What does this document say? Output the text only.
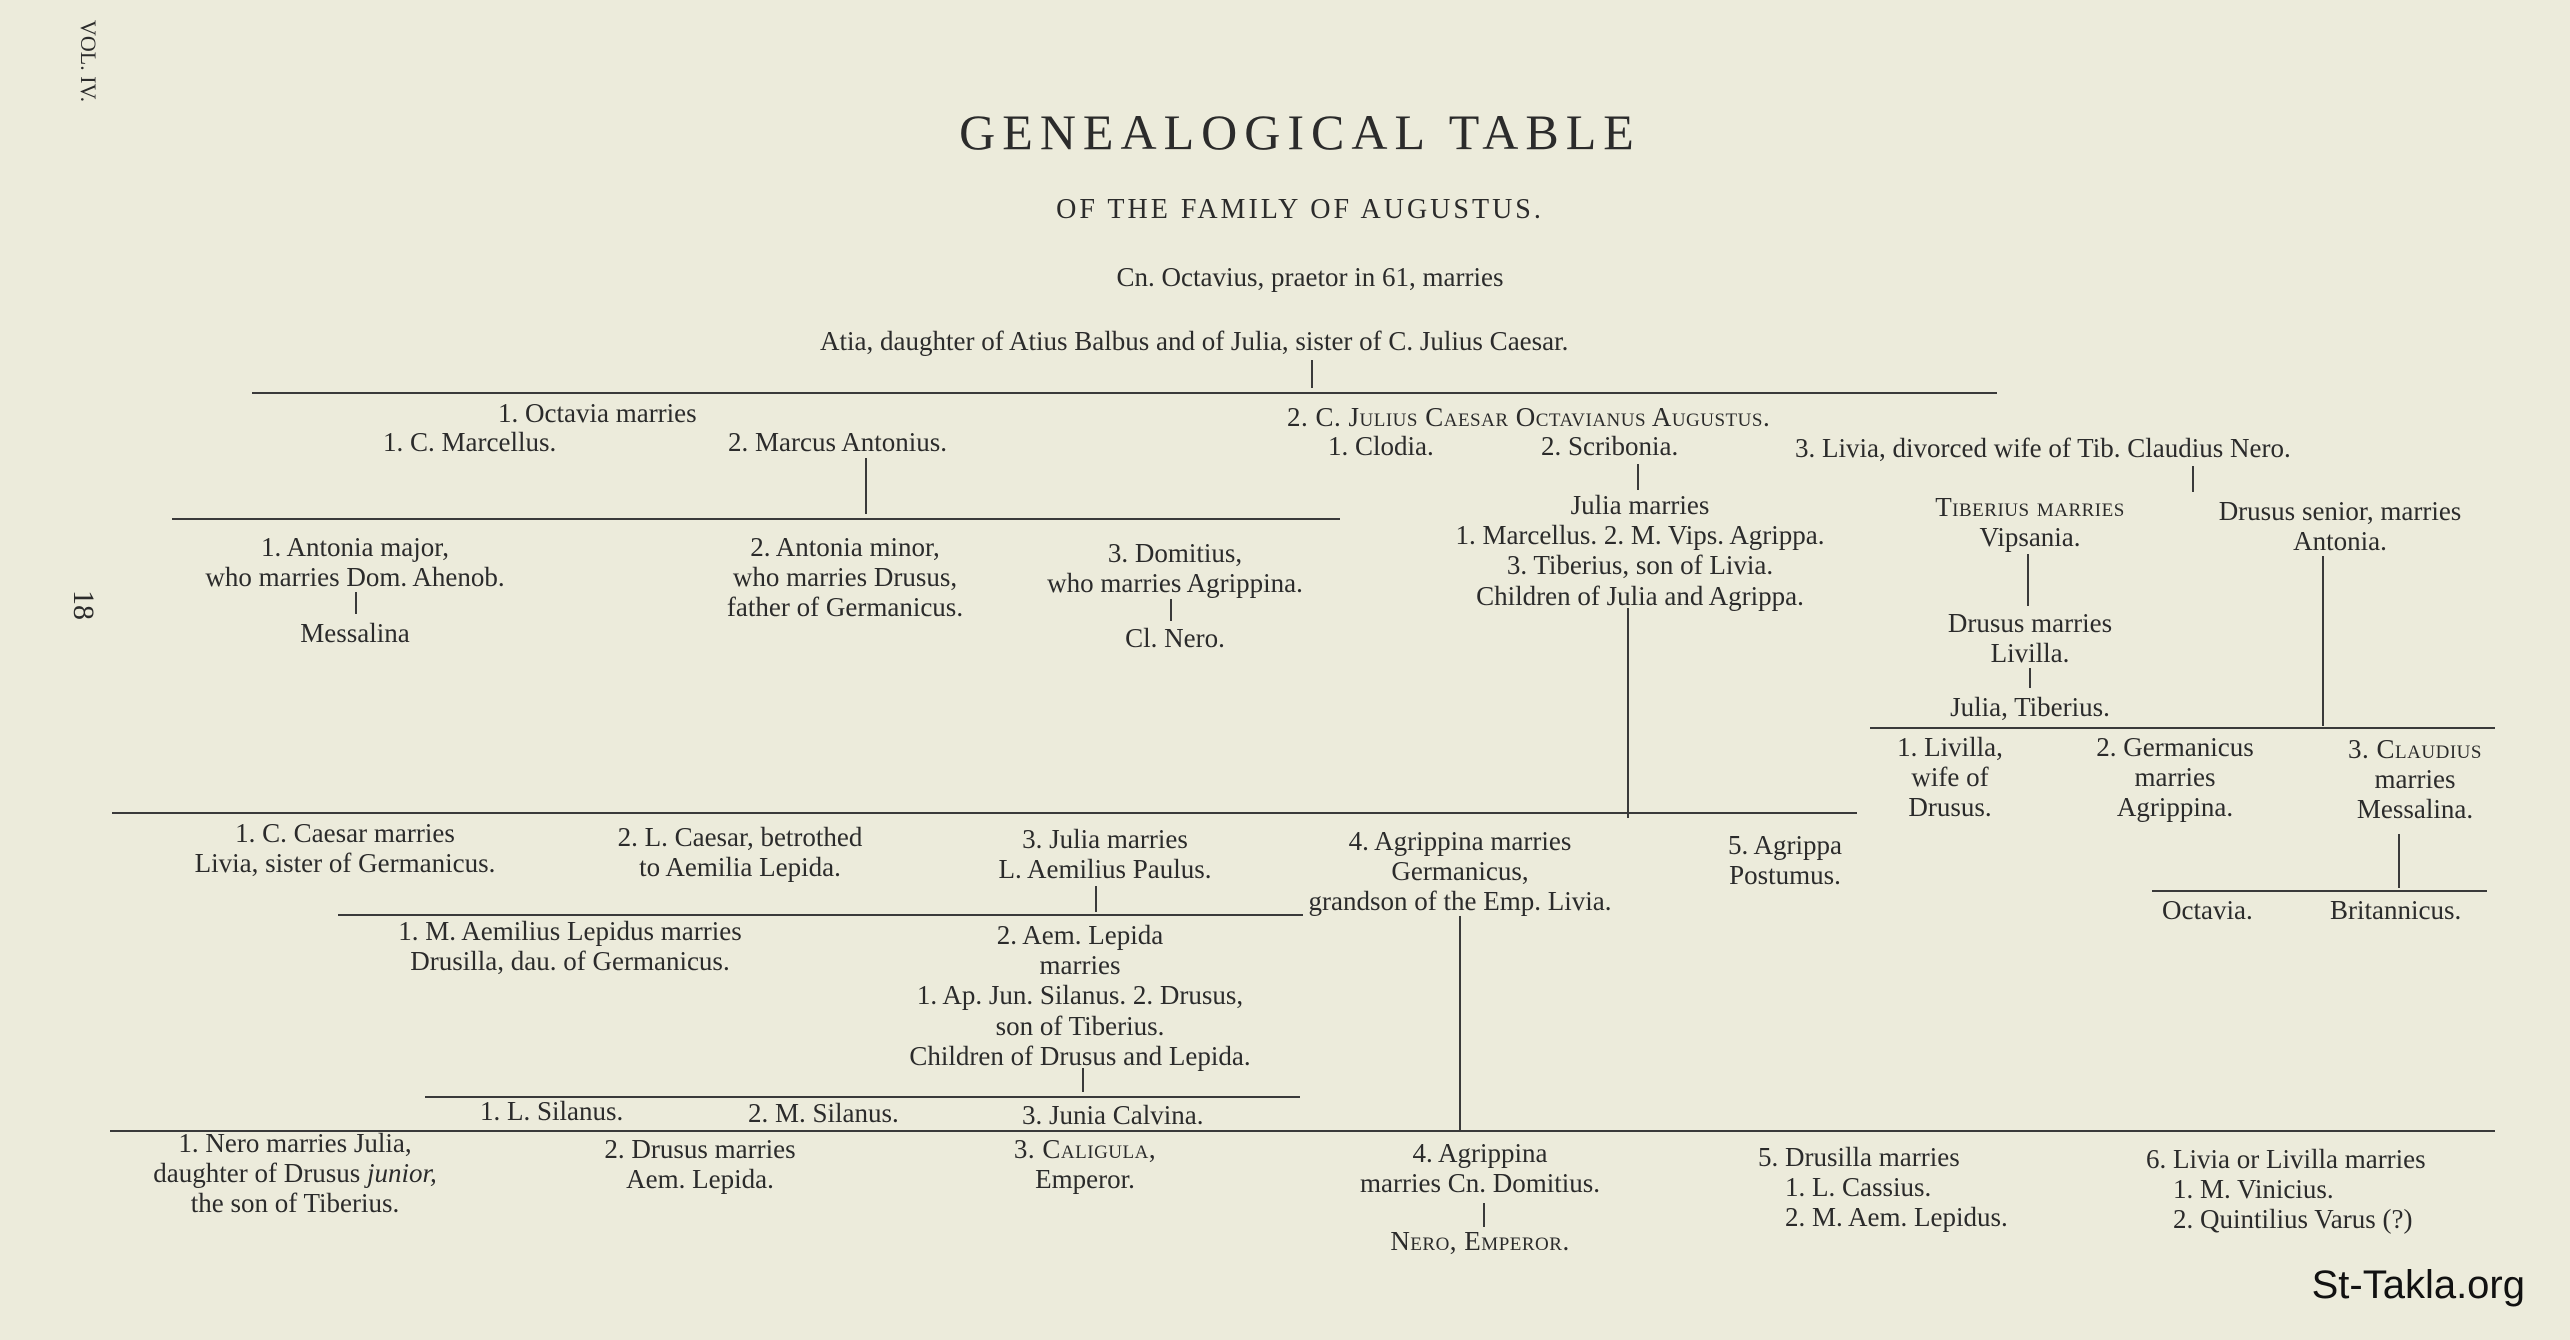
VOL. IV.
18
GENEALOGICAL TABLE
OF THE FAMILY OF AUGUSTUS.
Cn. Octavius, praetor in 61, marries
Atia, daughter of Atius Balbus and of Julia, sister of C. Julius Caesar.
1. Octavia marries
1. C. Marcellus.	2. Marcus Antonius.
2. C. Julius Caesar Octavianus Augustus.
1. Clodia.	2. Scribonia.	3. Livia, divorced wife of Tib. Claudius Nero.
1. Antonia major,
who marries Dom. Ahenob.
Messalina
2. Antonia minor,
who marries Drusus,
father of Germanicus.
3. Domitius,
who marries Agrippina.
Cl. Nero.
Julia marries
1. Marcellus. 2. M. Vips. Agrippa.
3. Tiberius, son of Livia.
Children of Julia and Agrippa.
Tiberius marries
Vipsania.
Drusus senior, marries
Antonia.
Drusus marries
Livilla.
Julia, Tiberius.
1. Livilla,
wife of
Drusus.
2. Germanicus
marries
Agrippina.
3. Claudius
marries
Messalina.
Octavia.	Britannicus.
1. C. Caesar marries
Livia, sister of Germanicus.
2. L. Caesar, betrothed
to Aemilia Lepida.
3. Julia marries
L. Aemilius Paulus.
4. Agrippina marries
Germanicus,
grandson of the Emp. Livia.
5. Agrippa
Postumus.
1. M. Aemilius Lepidus marries
Drusilla, dau. of Germanicus.
2. Aem. Lepida
marries
1. Ap. Jun. Silanus. 2. Drusus,
son of Tiberius.
Children of Drusus and Lepida.
1. L. Silanus.	2. M. Silanus.	3. Junia Calvina.
1. Nero marries Julia,
daughter of Drusus junior,
the son of Tiberius.
2. Drusus marries
Aem. Lepida.
3. Caligula,
Emperor.
4. Agrippina
marries Cn. Domitius.
Nero, Emperor.
5. Drusilla marries
1. L. Cassius.
2. M. Aem. Lepidus.
6. Livia or Livilla marries
1. M. Vinicius.
2. Quintilius Varus (?)
St-Takla.org
